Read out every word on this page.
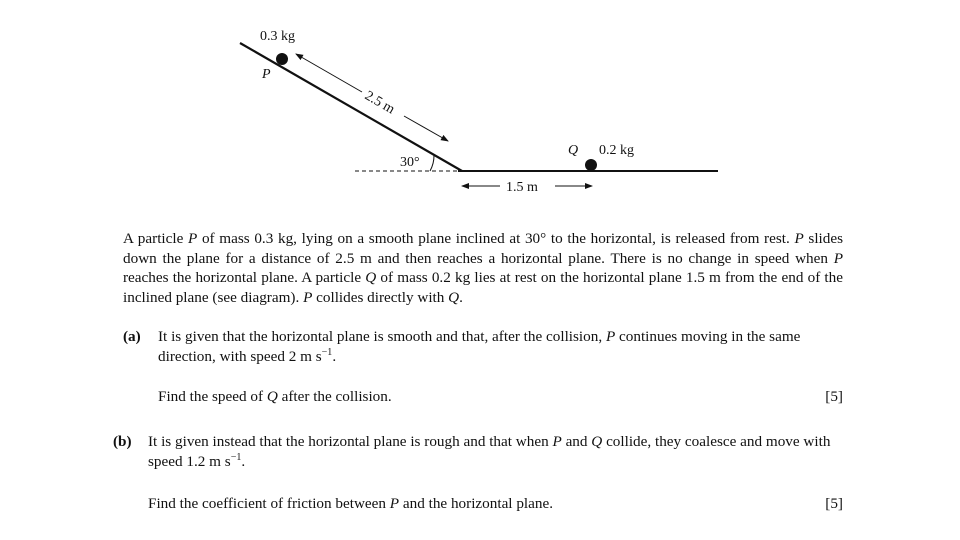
0.3 kg
P
2.5 m
30°
Q 0.2 kg
1.5 m
A particle P of mass 0.3 kg, lying on a smooth plane inclined at 30° to the horizontal, is released from rest. P slides down the plane for a distance of 2.5 m and then reaches a horizontal plane. There is no change in speed when P reaches the horizontal plane. A particle Q of mass 0.2 kg lies at rest on the horizontal plane 1.5 m from the end of the inclined plane (see diagram). P collides directly with Q.
(a) It is given that the horizontal plane is smooth and that, after the collision, P continues moving in the same direction, with speed 2 m $s^{-1}$.
Find the speed of Q after the collision.	[5]
(b) It is given instead that the horizontal plane is rough and that when P and Q collide, they coalesce and move with speed 1.2 m $s^{-1}$.
Find the coefficient of friction between P and the horizontal plane.	[5]
